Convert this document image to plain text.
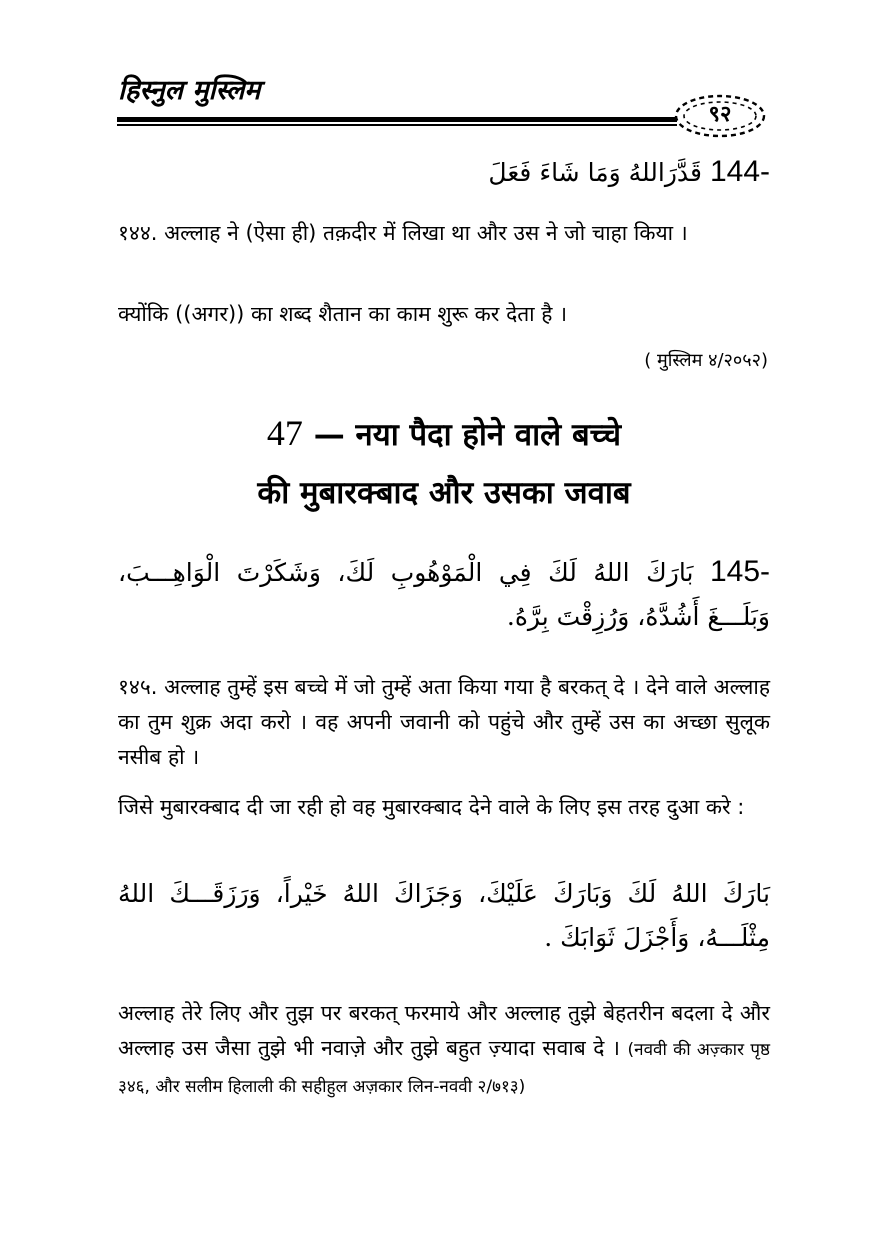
हिस्नुल मुस्लिम
९२
144- قَدَّرَاللهُ وَمَا شَاءَ فَعَلَ
१४४. अल्लाह ने (ऐसा ही) तक़दीर में लिखा था और उस ने जो चाहा किया ।
क्योंकि ((अगर)) का शब्द शैतान का काम शुरू कर देता है ।
( मुस्लिम ४/२०५२)
47 — नया पैदा होने वाले बच्चे
की मुबारक्बाद और उसका जवाब
145- بَارَكَ اللهُ لَكَ فِي الْمَوْهُوبِ لَكَ، وَشَكَرْتَ الْوَاهِـــبَ، وَبَلَـــغَ أَشُدَّهُ، وَرُزِقْتَ بِرَّهُ.
१४५. अल्लाह तुम्हें इस बच्चे में जो तुम्हें अता किया गया है बरकत् दे । देने वाले अल्लाह का तुम शुक्र अदा करो । वह अपनी जवानी को पहुंचे और तुम्हें उस का अच्छा सुलूक नसीब हो ।
जिसे मुबारक्बाद दी जा रही हो वह मुबारक्बाद देने वाले के लिए इस तरह दुआ करे :
بَارَكَ اللهُ لَكَ وَبَارَكَ عَلَيْكَ، وَجَزَاكَ اللهُ خَيْراً، وَرَزَقَـــكَ اللهُ مِثْلَـــهُ، وَأَجْزَلَ ثَوَابَكَ .
अल्लाह तेरे लिए और तुझ पर बरकत् फरमाये और अल्लाह तुझे बेहतरीन बदला दे और अल्लाह उस जैसा तुझे भी नवाज़े और तुझे बहुत ज़्यादा सवाब दे । (नववी की अज़्कार पृष्ठ ३४६, और सलीम हिलाली की सहीहुल अज़कार लिन-नववी २/७१३)
